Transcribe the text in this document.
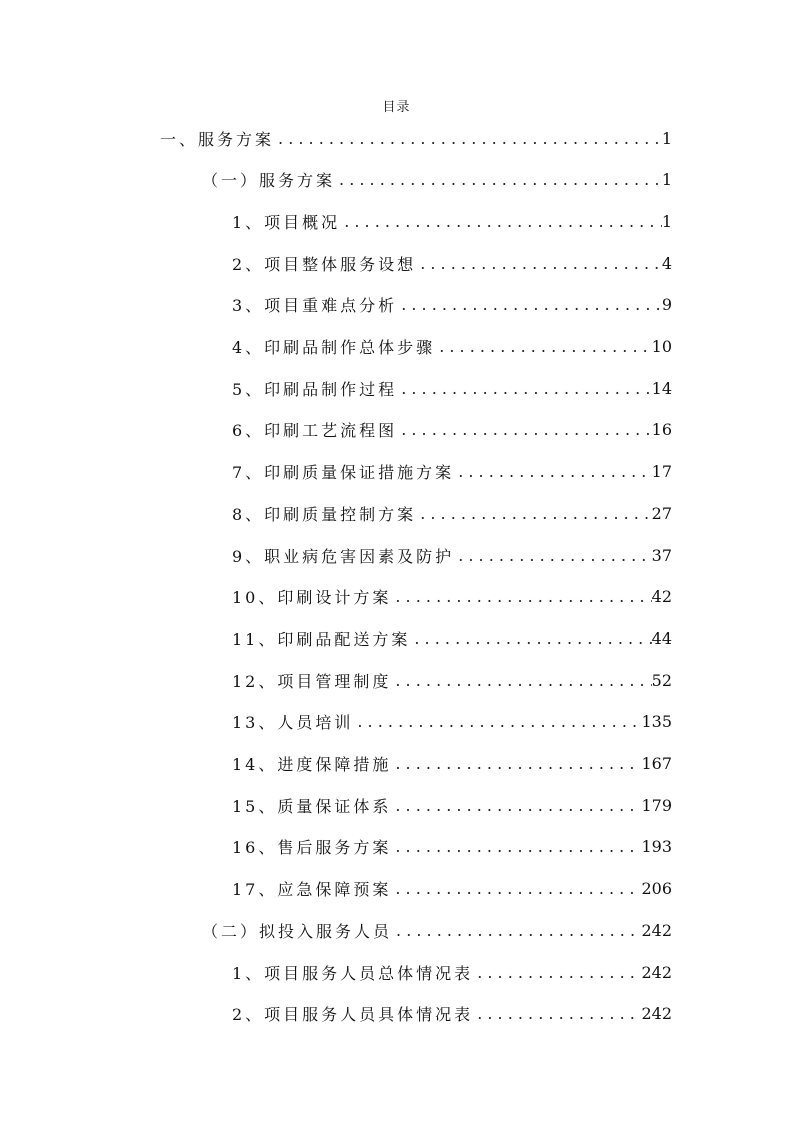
目录
一、服务方案 . . .	1
（一）服务方案 . . .	1
1、项目概况 . . .	1
2、项目整体服务设想 . . .	4
3、项目重难点分析 . . .	9
4、印刷品制作总体步骤 . . .	10
5、印刷品制作过程 . . .	14
6、印刷工艺流程图 . . .	16
7、印刷质量保证措施方案 . . .	17
8、印刷质量控制方案 . . .	27
9、职业病危害因素及防护 . . .	37
10、印刷设计方案 . . .	42
11、印刷品配送方案 . . .	44
12、项目管理制度 . . .	52
13、人员培训 . . .	135
14、进度保障措施 . . .	167
15、质量保证体系 . . .	179
16、售后服务方案 . . .	193
17、应急保障预案 . . .	206
（二）拟投入服务人员 . . .	242
1、项目服务人员总体情况表 . . .	242
2、项目服务人员具体情况表 . . .	242
